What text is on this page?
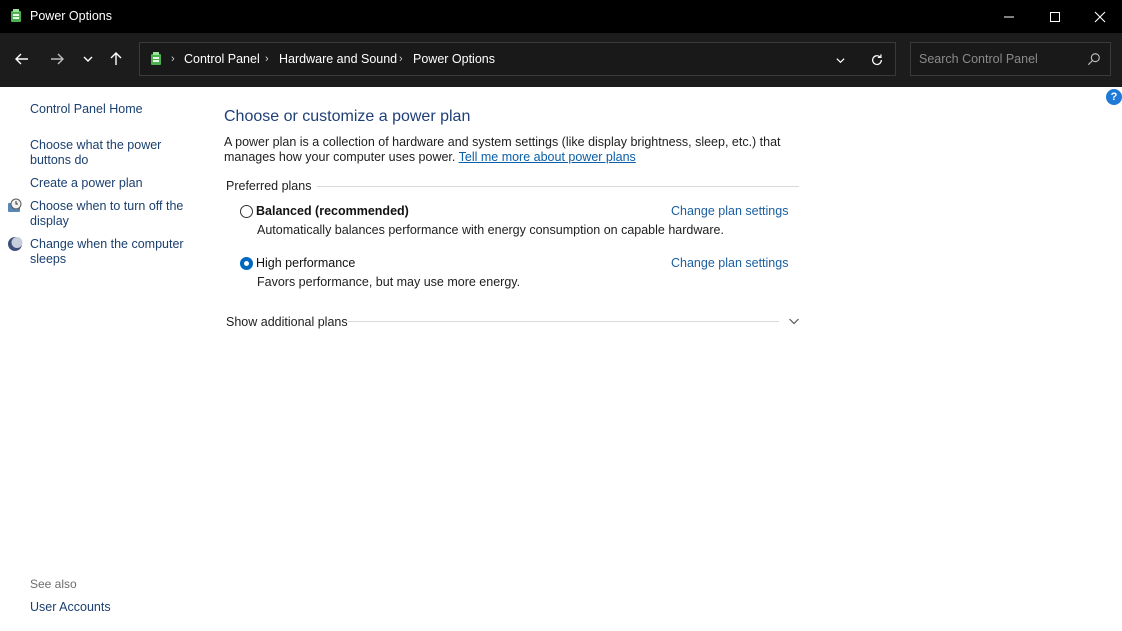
Power Options
› Control Panel › Hardware and Sound › Power Options
Search Control Panel
?
Control Panel Home
Choose what the power
buttons do
Create a power plan
Choose when to turn off the
display
Change when the computer
sleeps
See also
User Accounts
Choose or customize a power plan
A power plan is a collection of hardware and system settings (like display brightness, sleep, etc.) that manages how your computer uses power. Tell me more about power plans
Preferred plans
Balanced (recommended)
Automatically balances performance with energy consumption on capable hardware.
Change plan settings
High performance
Favors performance, but may use more energy.
Change plan settings
Show additional plans
